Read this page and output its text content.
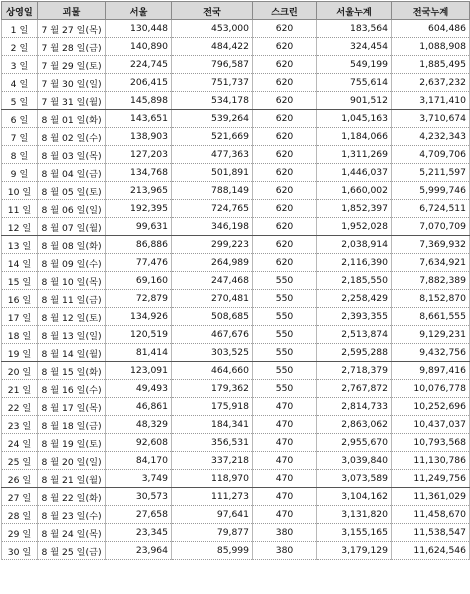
상영일	괴물	서울	전국	스크린	서울누계	전국누계
1 일	7 월 27 일(목)	130,448	453,000	620	183,564	604,486
2 일	7 월 28 일(금)	140,890	484,422	620	324,454	1,088,908
3 일	7 월 29 일(토)	224,745	796,587	620	549,199	1,885,495
4 일	7 월 30 일(일)	206,415	751,737	620	755,614	2,637,232
5 일	7 월 31 일(월)	145,898	534,178	620	901,512	3,171,410
6 일	8 월 01 일(화)	143,651	539,264	620	1,045,163	3,710,674
7 일	8 월 02 일(수)	138,903	521,669	620	1,184,066	4,232,343
8 일	8 월 03 일(목)	127,203	477,363	620	1,311,269	4,709,706
9 일	8 월 04 일(금)	134,768	501,891	620	1,446,037	5,211,597
10 일	8 월 05 일(토)	213,965	788,149	620	1,660,002	5,999,746
11 일	8 월 06 일(일)	192,395	724,765	620	1,852,397	6,724,511
12 일	8 월 07 일(월)	99,631	346,198	620	1,952,028	7,070,709
13 일	8 월 08 일(화)	86,886	299,223	620	2,038,914	7,369,932
14 일	8 월 09 일(수)	77,476	264,989	620	2,116,390	7,634,921
15 일	8 월 10 일(목)	69,160	247,468	550	2,185,550	7,882,389
16 일	8 월 11 일(금)	72,879	270,481	550	2,258,429	8,152,870
17 일	8 월 12 일(토)	134,926	508,685	550	2,393,355	8,661,555
18 일	8 월 13 일(일)	120,519	467,676	550	2,513,874	9,129,231
19 일	8 월 14 일(월)	81,414	303,525	550	2,595,288	9,432,756
20 일	8 월 15 일(화)	123,091	464,660	550	2,718,379	9,897,416
21 일	8 월 16 일(수)	49,493	179,362	550	2,767,872	10,076,778
22 일	8 월 17 일(목)	46,861	175,918	470	2,814,733	10,252,696
23 일	8 월 18 일(금)	48,329	184,341	470	2,863,062	10,437,037
24 일	8 월 19 일(토)	92,608	356,531	470	2,955,670	10,793,568
25 일	8 월 20 일(일)	84,170	337,218	470	3,039,840	11,130,786
26 일	8 월 21 일(월)	3,749	118,970	470	3,073,589	11,249,756
27 일	8 월 22 일(화)	30,573	111,273	470	3,104,162	11,361,029
28 일	8 월 23 일(수)	27,658	97,641	470	3,131,820	11,458,670
29 일	8 월 24 일(목)	23,345	79,877	380	3,155,165	11,538,547
30 일	8 월 25 일(금)	23,964	85,999	380	3,179,129	11,624,546
